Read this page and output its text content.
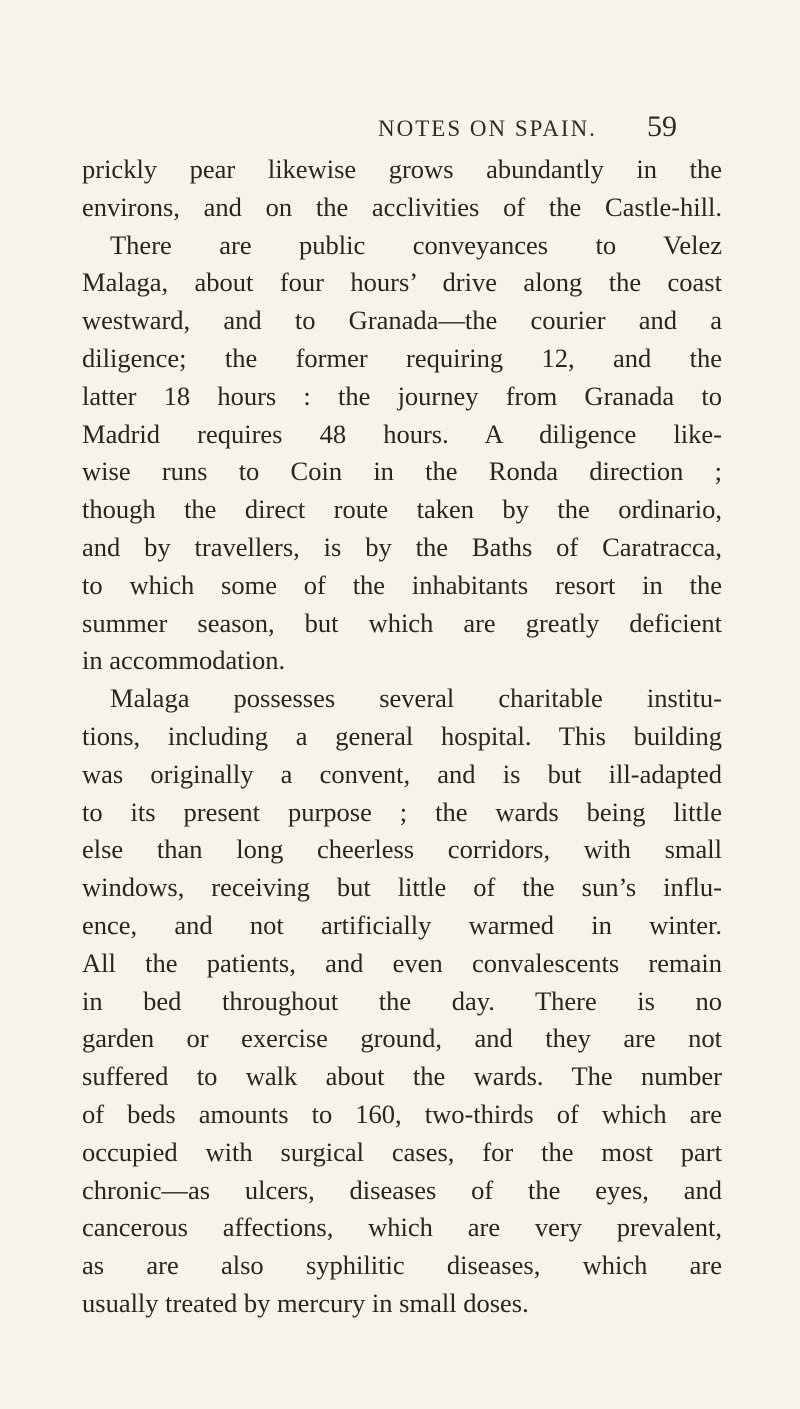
NOTES ON SPAIN. 59
prickly pear likewise grows abundantly in the
environs, and on the acclivities of the Castle-hill.
There are public conveyances to Velez
Malaga, about four hours’ drive along the coast
westward, and to Granada—the courier and a
diligence; the former requiring 12, and the
latter 18 hours : the journey from Granada to
Madrid requires 48 hours. A diligence like-
wise runs to Coin in the Ronda direction ;
though the direct route taken by the ordinario,
and by travellers, is by the Baths of Caratracca,
to which some of the inhabitants resort in the
summer season, but which are greatly deficient
in accommodation.
Malaga possesses several charitable institu-
tions, including a general hospital. This building
was originally a convent, and is but ill-adapted
to its present purpose ; the wards being little
else than long cheerless corridors, with small
windows, receiving but little of the sun’s influ-
ence, and not artificially warmed in winter.
All the patients, and even convalescents remain
in bed throughout the day. There is no
garden or exercise ground, and they are not
suffered to walk about the wards. The number
of beds amounts to 160, two-thirds of which are
occupied with surgical cases, for the most part
chronic—as ulcers, diseases of the eyes, and
cancerous affections, which are very prevalent,
as are also syphilitic diseases, which are
usually treated by mercury in small doses.
